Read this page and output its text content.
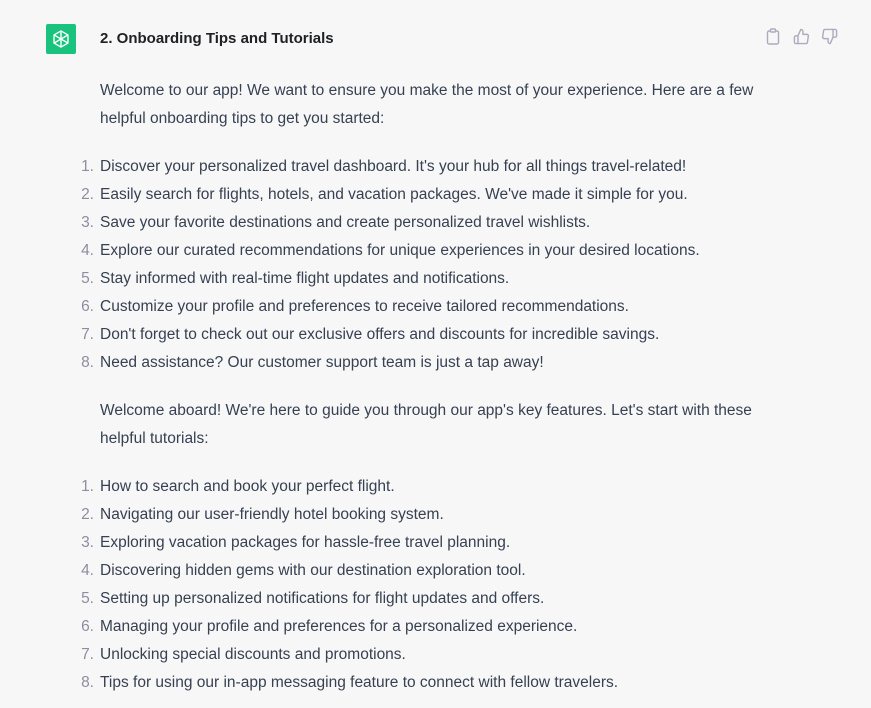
2. Onboarding Tips and Tutorials

Welcome to our app! We want to ensure you make the most of your experience. Here are a few helpful onboarding tips to get you started:

1. Discover your personalized travel dashboard. It's your hub for all things travel-related!
2. Easily search for flights, hotels, and vacation packages. We've made it simple for you.
3. Save your favorite destinations and create personalized travel wishlists.
4. Explore our curated recommendations for unique experiences in your desired locations.
5. Stay informed with real-time flight updates and notifications.
6. Customize your profile and preferences to receive tailored recommendations.
7. Don't forget to check out our exclusive offers and discounts for incredible savings.
8. Need assistance? Our customer support team is just a tap away!

Welcome aboard! We're here to guide you through our app's key features. Let's start with these helpful tutorials:

1. How to search and book your perfect flight.
2. Navigating our user-friendly hotel booking system.
3. Exploring vacation packages for hassle-free travel planning.
4. Discovering hidden gems with our destination exploration tool.
5. Setting up personalized notifications for flight updates and offers.
6. Managing your profile and preferences for a personalized experience.
7. Unlocking special discounts and promotions.
8. Tips for using our in-app messaging feature to connect with fellow travelers.
